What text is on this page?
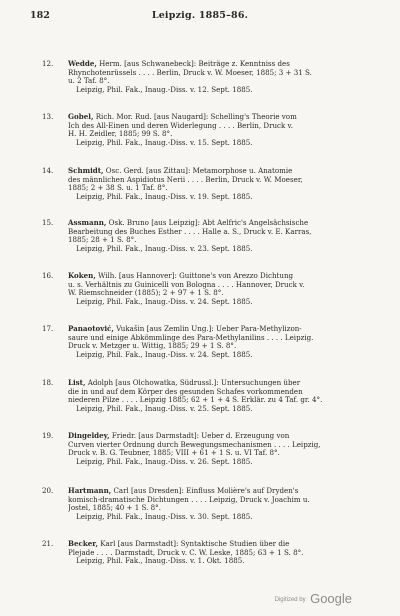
182	Leipzig. 1885–86.
12. Wedde, Herm. [aus Schwanebeck]: Beiträge z. Kenntniss des
Rhynchotenrüssels . . . . Berlin, Druck v. W. Moeser, 1885; 3 + 31 S.
u. 2 Taf. 8°.
Leipzig, Phil. Fak., Inaug.-Diss. v. 12. Sept. 1885.
13. Gobel, Rich. Mor. Rud. [aus Naugard]: Schelling's Theorie vom
Ich des All-Einen und deren Widerlegung . . . . Berlin, Druck v.
H. H. Zeidler, 1885; 99 S. 8°.
Leipzig, Phil. Fak., Inaug.-Diss. v. 15. Sept. 1885.
14. Schmidt, Osc. Gerd. [aus Zittau]: Metamorphose u. Anatomie
des männlichen Aspidiotus Nerii . . . . Berlin, Druck v. W. Moeser,
1885; 2 + 38 S. u. 1 Taf. 8°.
Leipzig, Phil. Fak., Inaug.-Diss. v. 19. Sept. 1885.
15. Assmann, Osk. Bruno [aus Leipzig]: Abt Aelfric's Angelsächsische
Bearbeitung des Buches Esther . . . . Halle a. S., Druck v. E. Karras,
1885; 28 + 1 S. 8°.
Leipzig, Phil. Fak., Inaug.-Diss. v. 23. Sept. 1885.
16. Koken, Wilh. [aus Hannover]: Guittone's von Arezzo Dichtung
u. s. Verhältnis zu Guinicelli von Bologna . . . . Hannover, Druck v.
W. Riemschneider (1885); 2 + 97 + 1 S. 8°.
Leipzig, Phil. Fak., Inaug.-Diss. v. 24. Sept. 1885.
17. Panaotović, Vukašin [aus Zemlin Ung.]: Ueber Para-Methylizon-
saure und einige Abkömmlinge des Para-Methylanilins . . . . Leipzig.
Druck v. Metzger u. Wittig, 1885; 29 + 1 S. 8°.
Leipzig, Phil. Fak., Inaug.-Diss. v. 24. Sept. 1885.
18. List, Adolph [aus Olchowatka, Südrussl.]: Untersuchungen über
die in und auf dem Körper des gesunden Schafes vorkommenden
niederen Pilze . . . . Leipzig 1885; 62 + 1 + 4 S. Erklär. zu 4 Taf. gr. 4°.
Leipzig, Phil. Fak., Inaug.-Diss. v. 25. Sept. 1885.
19. Dingeldey, Friedr. [aus Darmstadt]: Ueber d. Erzeugung von
Curven vierter Ordnung durch Bewegungsmechanismen . . . . Leipzig,
Druck v. B. G. Teubner, 1885; VIII + 61 + 1 S. u. VI Taf. 8°.
Leipzig, Phil. Fak., Inaug.-Diss. v. 26. Sept. 1885.
20. Hartmann, Carl [aus Dresden]: Einfluss Molière's auf Dryden's
komisch-dramatische Dichtungen . . . . Leipzig, Druck v. Joachim u.
Jostel, 1885; 40 + 1 S. 8°.
Leipzig, Phil. Fak., Inaug.-Diss. v. 30. Sept. 1885.
21. Becker, Karl [aus Darmstadt]: Syntaktische Studien über die
Plejade . . . . Darmstadt, Druck v. C. W. Leske, 1885; 63 + 1 S. 8°.
Leipzig, Phil. Fak., Inaug.-Diss. v. 1. Okt. 1885.
Digitized by Google
